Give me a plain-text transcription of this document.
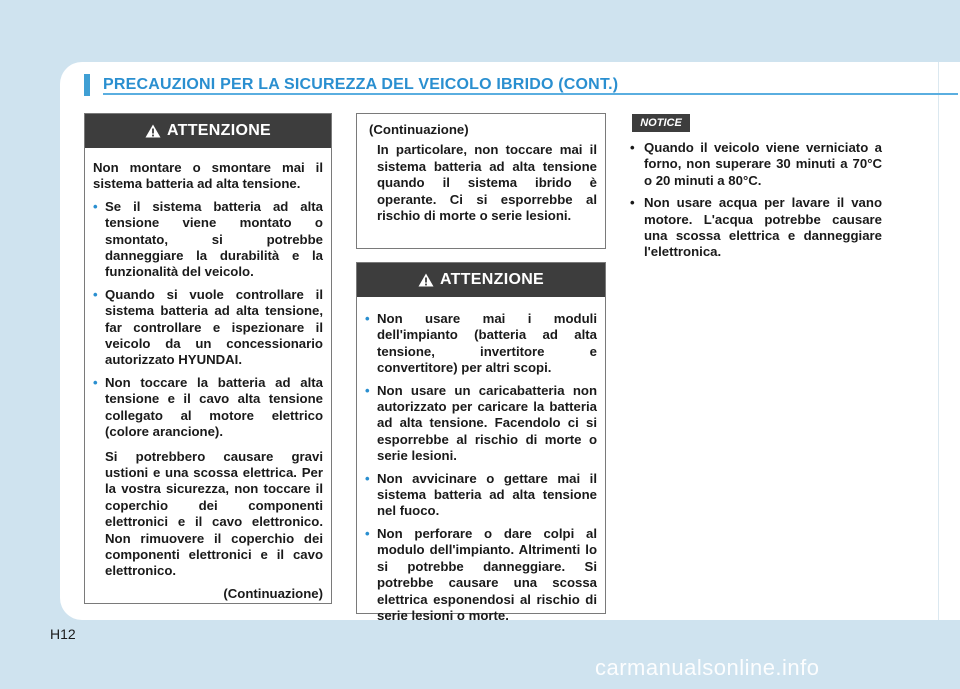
PRECAUZIONI PER LA SICUREZZA DEL VEICOLO IBRIDO (CONT.)
ATTENZIONE
Non montare o smontare mai il sistema batteria ad alta tensione.
• Se il sistema batteria ad alta tensione viene montato o smontato, si potrebbe danneggiare la durabilità e la funzionalità del veicolo.
• Quando si vuole controllare il sistema batteria ad alta tensione, far controllare e ispezionare il veicolo da un concessionario autorizzato HYUNDAI.
• Non toccare la batteria ad alta tensione e il cavo alta tensione collegato al motore elettrico (colore arancione).
Si potrebbero causare gravi ustioni e una scossa elettrica. Per la vostra sicurezza, non toccare il coperchio dei componenti elettronici e il cavo elettronico. Non rimuovere il coperchio dei componenti elettronici e il cavo elettronico.
(Continuazione)
(Continuazione)
In particolare, non toccare mai il sistema batteria ad alta tensione quando il sistema ibrido è operante. Ci si esporrebbe al rischio di morte o serie lesioni.
ATTENZIONE
• Non usare mai i moduli dell'impianto (batteria ad alta tensione, invertitore e convertitore) per altri scopi.
• Non usare un caricabatteria non autorizzato per caricare la batteria ad alta tensione. Facendolo ci si esporrebbe al rischio di morte o serie lesioni.
• Non avvicinare o gettare mai il sistema batteria ad alta tensione nel fuoco.
• Non perforare o dare colpi al modulo dell'impianto. Altrimenti lo si potrebbe danneggiare. Si potrebbe causare una scossa elettrica esponendosi al rischio di serie lesioni o morte.
NOTICE
• Quando il veicolo viene verniciato a forno, non superare 30 minuti a 70°C o 20 minuti a 80°C.
• Non usare acqua per lavare il vano motore. L'acqua potrebbe causare una scossa elettrica e danneggiare l'elettronica.
H12
carmanualsonline.info
